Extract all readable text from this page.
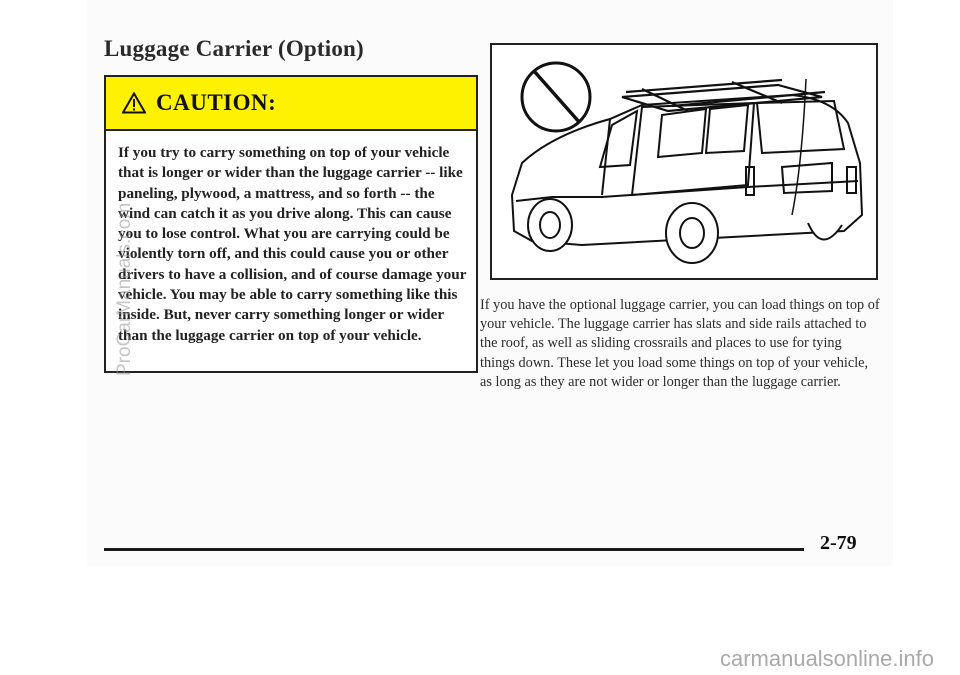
Luggage Carrier (Option)
CAUTION:

If you try to carry something on top of your vehicle that is longer or wider than the luggage carrier -- like paneling, plywood, a mattress, and so forth -- the wind can catch it as you drive along. This can cause you to lose control. What you are carrying could be violently torn off, and this could cause you or other drivers to have a collision, and of course damage your vehicle. You may be able to carry something like this inside. But, never carry something longer or wider than the luggage carrier on top of your vehicle.

If you have the optional luggage carrier, you can load things on top of your vehicle. The luggage carrier has slats and side rails attached to the roof, as well as sliding crossrails and places to use for tying things down. These let you load some things on top of your vehicle, as long as they are not wider or longer than the luggage carrier.

2-79
ProCarManuals.com
carmanualsonline.info
